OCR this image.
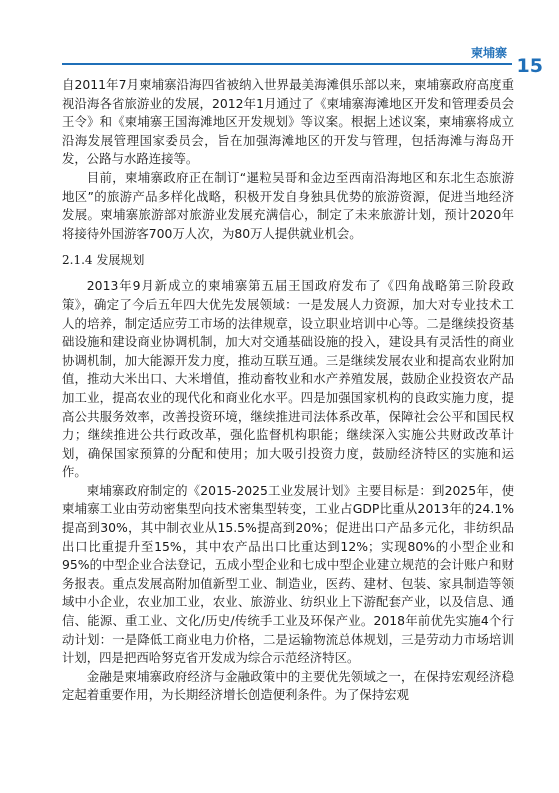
柬埔寨
15

自2011年7月柬埔寨沿海四省被纳入世界最美海滩俱乐部以来，柬埔寨政府高度重视沿海各省旅游业的发展，2012年1月通过了《柬埔寨海滩地区开发和管理委员会王令》和《柬埔寨王国海滩地区开发规划》等议案。根据上述议案，柬埔寨将成立沿海发展管理国家委员会，旨在加强海滩地区的开发与管理，包括海滩与海岛开发，公路与水路连接等。

目前，柬埔寨政府正在制订“暹粒吴哥和金边至西南沿海地区和东北生态旅游地区”的旅游产品多样化战略，积极开发自身独具优势的旅游资源，促进当地经济发展。柬埔寨旅游部对旅游业发展充满信心，制定了未来旅游计划，预计2020年将接待外国游客700万人次，为80万人提供就业机会。

2.1.4 发展规划

2013年9月新成立的柬埔寨第五届王国政府发布了《四角战略第三阶段政策》，确定了今后五年四大优先发展领域：一是发展人力资源，加大对专业技术工人的培养，制定适应劳工市场的法律规章，设立职业培训中心等。二是继续投资基础设施和建设商业协调机制，加大对交通基础设施的投入，建设具有灵活性的商业协调机制，加大能源开发力度，推动互联互通。三是继续发展农业和提高农业附加值，推动大米出口、大米增值，推动畜牧业和水产养殖发展，鼓励企业投资农产品加工业，提高农业的现代化和商业化水平。四是加强国家机构的良政实施力度，提高公共服务效率，改善投资环境，继续推进司法体系改革，保障社会公平和国民权力；继续推进公共行政改革，强化监督机构职能；继续深入实施公共财政改革计划，确保国家预算的分配和使用；加大吸引投资力度，鼓励经济特区的实施和运作。

柬埔寨政府制定的《2015-2025工业发展计划》主要目标是：到2025年，使柬埔寨工业由劳动密集型向技术密集型转变，工业占GDP比重从2013年的24.1%提高到30%，其中制衣业从15.5%提高到20%；促进出口产品多元化，非纺织品出口比重提升至15%，其中农产品出口比重达到12%；实现80%的小型企业和95%的中型企业合法登记，五成小型企业和七成中型企业建立规范的会计账户和财务报表。重点发展高附加值新型工业、制造业，医药、建材、包装、家具制造等领域中小企业，农业加工业，农业、旅游业、纺织业上下游配套产业，以及信息、通信、能源、重工业、文化/历史/传统手工业及环保产业。2018年前优先实施4个行动计划：一是降低工商业电力价格，二是运输物流总体规划，三是劳动力市场培训计划，四是把西哈努克省开发成为综合示范经济特区。

金融是柬埔寨政府经济与金融政策中的主要优先领域之一，在保持宏观经济稳定起着重要作用，为长期经济增长创造便利条件。为了保持宏观
